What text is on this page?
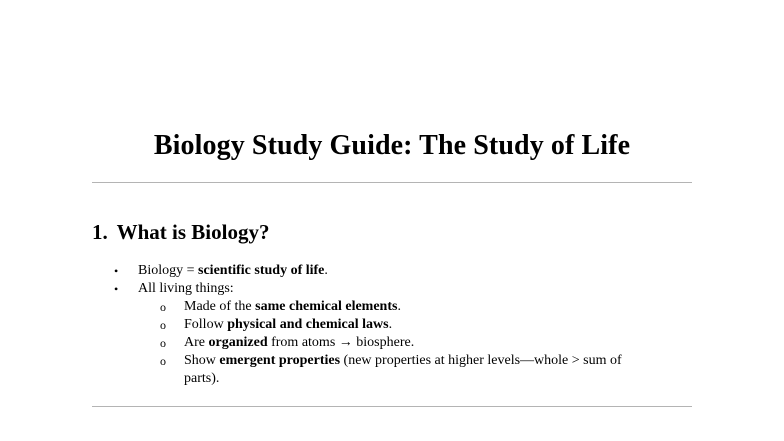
Biology Study Guide: The Study of Life
1. What is Biology?
• Biology = scientific study of life.
• All living things:
o Made of the same chemical elements.
o Follow physical and chemical laws.
o Are organized from atoms → biosphere.
o Show emergent properties (new properties at higher levels—whole > sum of parts).
